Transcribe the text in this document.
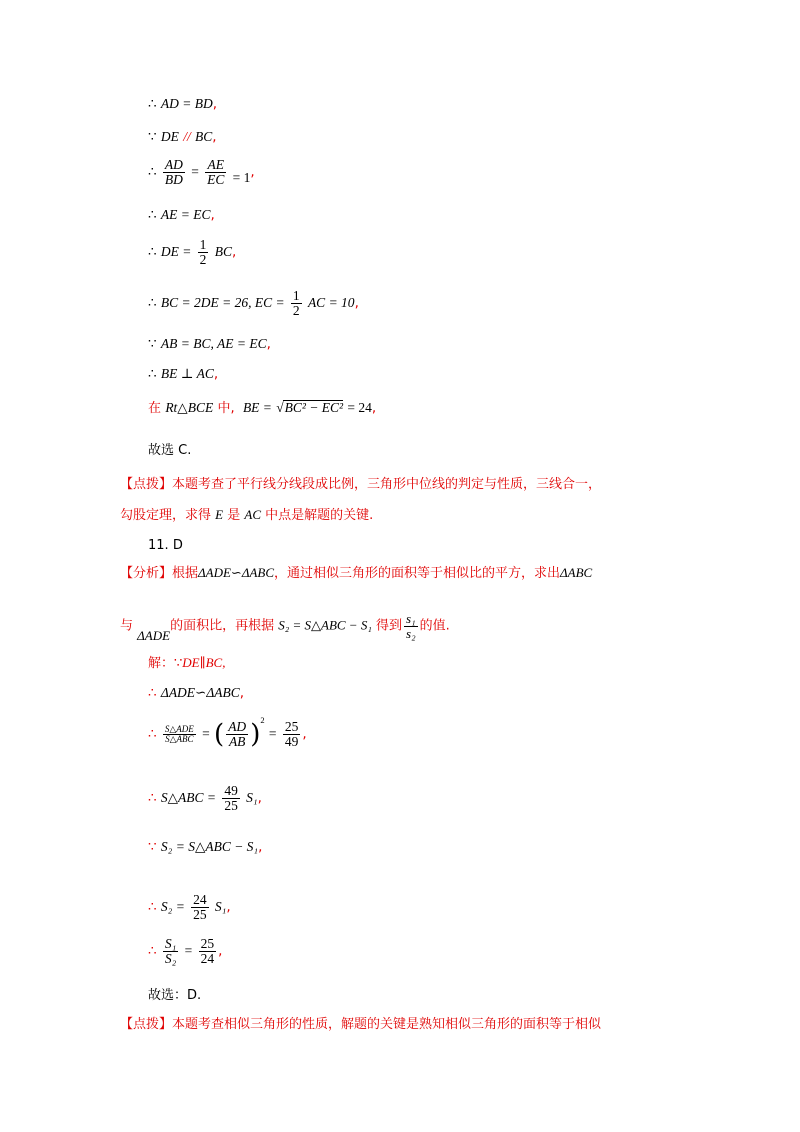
∴ AD = BD,
∵ DE // BC,
∴ $\frac{AD}{BD} = \frac{AE}{EC} = 1$,
∴ AE = EC,
∴ DE = $\frac{1}{2}$ BC,
∴ BC = 2DE = 26, EC = $\frac{1}{2}$ AC = 10,
∵ AB = BC, AE = EC,
∴ BE ⊥ AC,
在 Rt△BCE 中, BE = √BC² − EC² = 24,
故选 C.
【点拨】本题考查了平行线分线段成比例，三角形中位线的判定与性质，三线合一，
勾股定理，求得 E 是 AC 中点是解题的关键.
11. D
【分析】根据ΔADE∽ΔABC，通过相似三角形的面积等于相似比的平方，求出ΔABC
与 ΔADE的面积比，再根据 S₂ = S△ABC − S₁ 得到 $\frac{\text{s₁}}{\text{s₂}}$ 的值.
解：∵DE∥BC,
∴ ΔADE∽ΔABC,
∴ $\frac{\text{S△ADE}}{\text{S△ABC}}$ = ( $\frac{AD}{AB} )^2 = \frac{25}{49}$ ,
∴ S△ABC = $\frac{49}{25} S_1$,
∵ S₂ = S△ABC − S₁,
∴ $S_2 = \frac{24}{25} S_1$,
∴ $\frac{\text{S₁}}{\text{S₂}} = \frac{25}{24}$ ,
故选：D.
【点拨】本题考查相似三角形的性质，解题的关键是熟知相似三角形的面积等于相似
